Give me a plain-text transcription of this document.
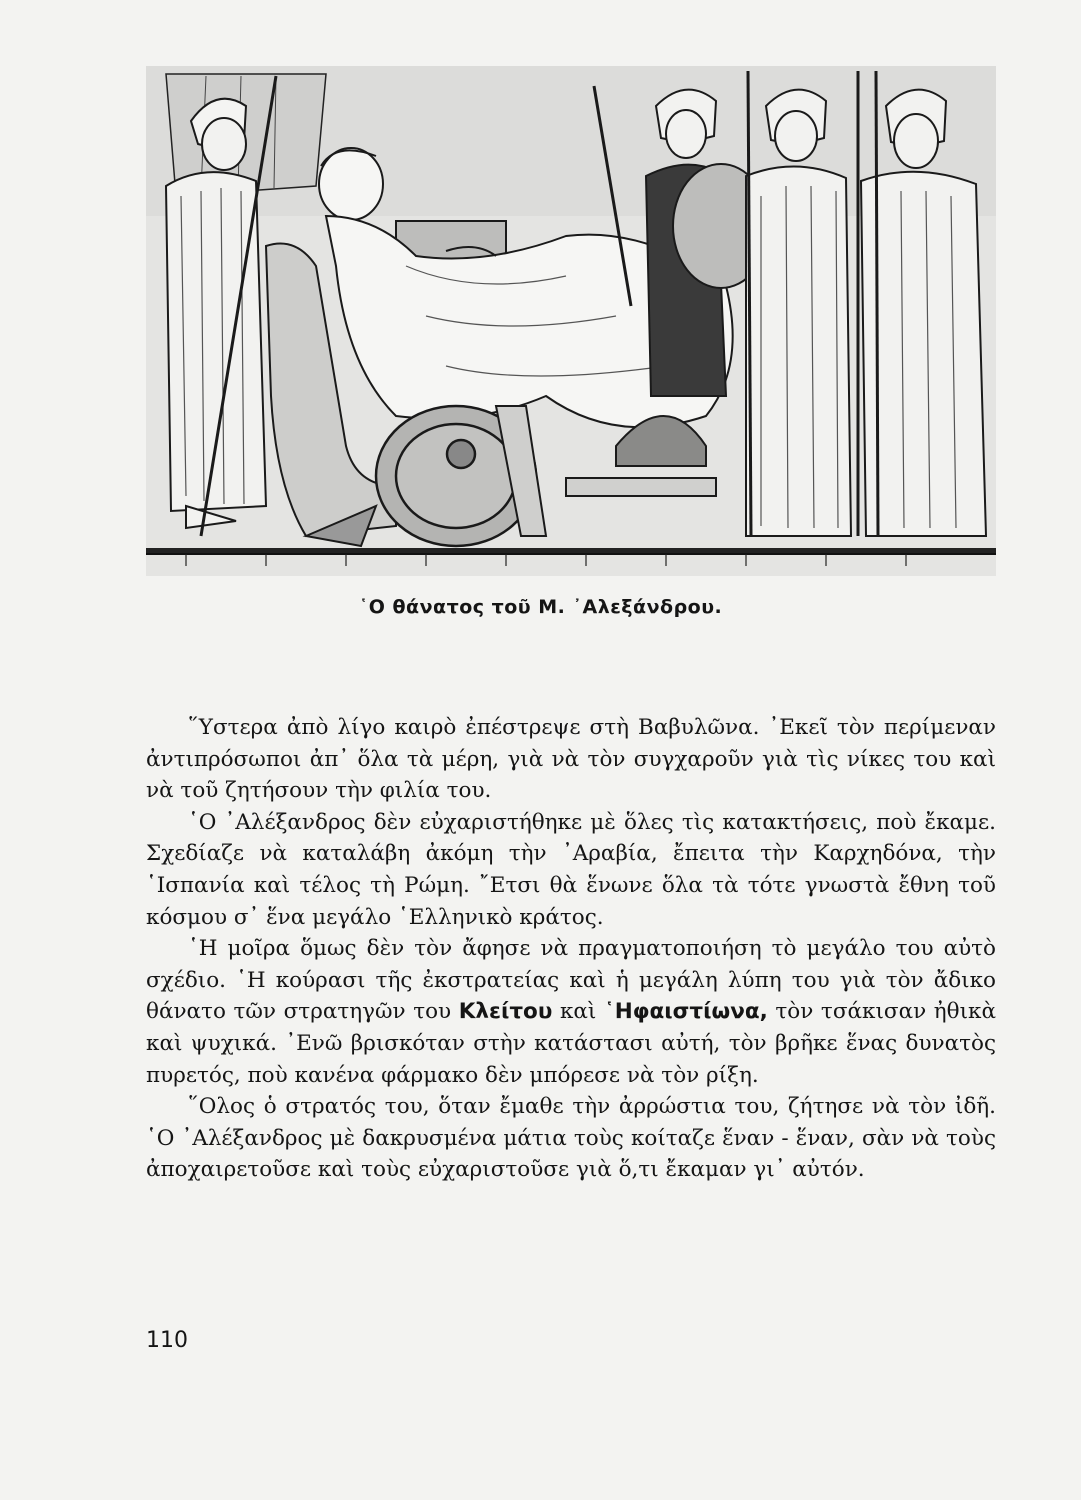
῾Ο θάνατος τοῦ Μ. ᾿Αλεξάνδρου.

῞Υστερα ἀπὸ λίγο καιρὸ ἐπέστρεψε στὴ Βαβυλῶνα. ᾿Εκεῖ τὸν περίμεναν ἀντιπρόσωποι ἀπ᾿ ὅλα τὰ μέρη, γιὰ νὰ τὸν συγχαροῦν γιὰ τὶς νίκες του καὶ νὰ τοῦ ζητήσουν τὴν φιλία του.

῾Ο ᾿Αλέξανδρος δὲν εὐχαριστήθηκε μὲ ὅλες τὶς κατακτήσεις, ποὺ ἔκαμε. Σχεδίαζε νὰ καταλάβη ἀκόμη τὴν ᾿Αραβία, ἔπειτα τὴν Καρχηδόνα, τὴν ῾Ισπανία καὶ τέλος τὴ Ρώμη. ῎Ετσι θὰ ἕνωνε ὅλα τὰ τότε γνωστὰ ἔθνη τοῦ κόσμου σ᾿ ἕνα μεγάλο ῾Ελληνικὸ κράτος.

῾Η μοῖρα ὅμως δὲν τὸν ἄφησε νὰ πραγματοποιήση τὸ μεγάλο του αὐτὸ σχέδιο. ῾Η κούρασι τῆς ἐκστρατείας καὶ ἡ μεγάλη λύπη του γιὰ τὸν ἄδικο θάνατο τῶν στρατηγῶν του Κλείτου καὶ ῾Ηφαιστίωνα, τὸν τσάκισαν ἠθικὰ καὶ ψυχικά. ᾿Ενῶ βρισκόταν στὴν κατάστασι αὐτή, τὸν βρῆκε ἕνας δυνατὸς πυρετός, ποὺ κανένα φάρμακο δὲν μπόρεσε νὰ τὸν ρίξη.

῞Ολος ὁ στρατός του, ὅταν ἔμαθε τὴν ἀρρώστια του, ζήτησε νὰ τὸν ἰδῆ. ῾Ο ᾿Αλέξανδρος μὲ δακρυσμένα μάτια τοὺς κοίταζε ἕναν - ἕναν, σὰν νὰ τοὺς ἀποχαιρετοῦσε καὶ τοὺς εὐχαριστοῦσε γιὰ ὅ,τι ἔκαμαν γι᾿ αὐτόν.

110
